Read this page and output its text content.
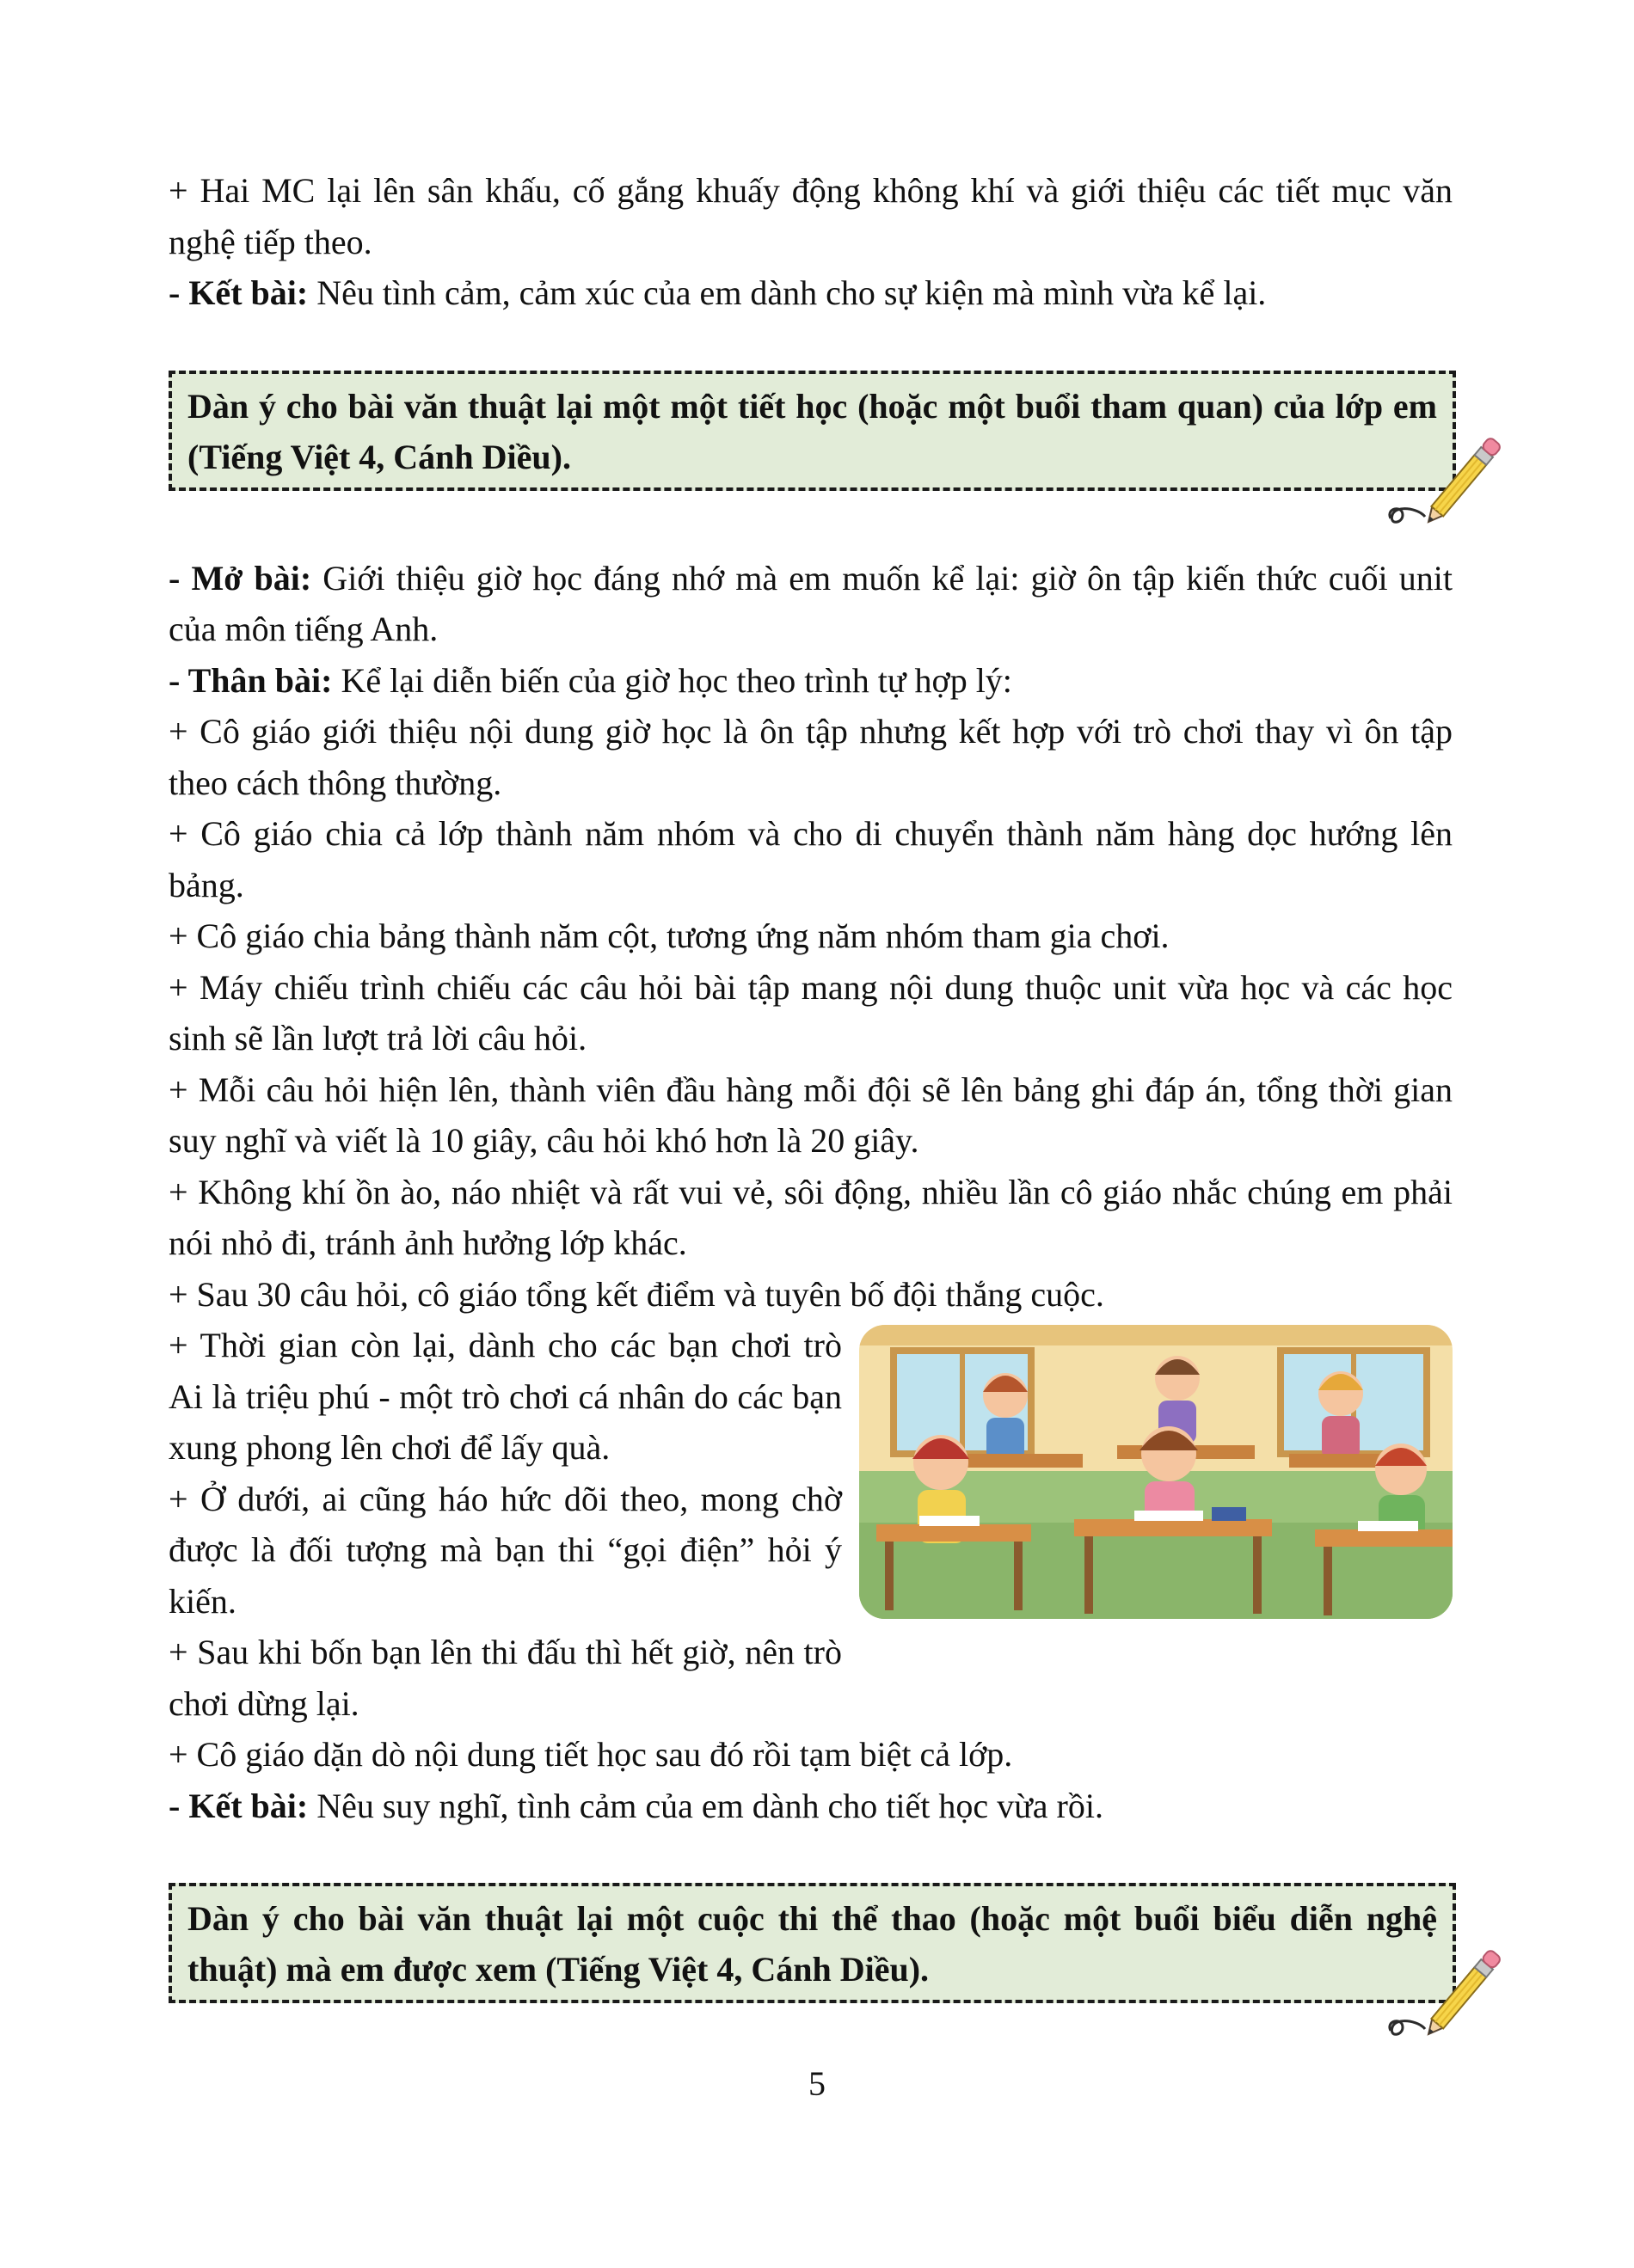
+ Hai MC lại lên sân khấu, cố gắng khuấy động không khí và giới thiệu các tiết mục văn nghệ tiếp theo.

- Kết bài: Nêu tình cảm, cảm xúc của em dành cho sự kiện mà mình vừa kể lại.

Dàn ý cho bài văn thuật lại một một tiết học (hoặc một buổi tham quan) của lớp em (Tiếng Việt 4, Cánh Diều).

- Mở bài: Giới thiệu giờ học đáng nhớ mà em muốn kể lại: giờ ôn tập kiến thức cuối unit của môn tiếng Anh.

- Thân bài: Kể lại diễn biến của giờ học theo trình tự hợp lý:

+ Cô giáo giới thiệu nội dung giờ học là ôn tập nhưng kết hợp với trò chơi thay vì ôn tập theo cách thông thường.

+ Cô giáo chia cả lớp thành năm nhóm và cho di chuyển thành năm hàng dọc hướng lên bảng.

+ Cô giáo chia bảng thành năm cột, tương ứng năm nhóm tham gia chơi.

+ Máy chiếu trình chiếu các câu hỏi bài tập mang nội dung thuộc unit vừa học và các học sinh sẽ lần lượt trả lời câu hỏi.

+ Mỗi câu hỏi hiện lên, thành viên đầu hàng mỗi đội sẽ lên bảng ghi đáp án, tổng thời gian suy nghĩ và viết là 10 giây, câu hỏi khó hơn là 20 giây.

+ Không khí ồn ào, náo nhiệt và rất vui vẻ, sôi động, nhiều lần cô giáo nhắc chúng em phải nói nhỏ đi, tránh ảnh hưởng lớp khác.

+ Sau 30 câu hỏi, cô giáo tổng kết điểm và tuyên bố đội thắng cuộc.

+ Thời gian còn lại, dành cho các bạn chơi trò Ai là triệu phú - một trò chơi cá nhân do các bạn xung phong lên chơi để lấy quà.

+ Ở dưới, ai cũng háo hức dõi theo, mong chờ được là đối tượng mà bạn thi “gọi điện” hỏi ý kiến.

+ Sau khi bốn bạn lên thi đấu thì hết giờ, nên trò chơi dừng lại.

+ Cô giáo dặn dò nội dung tiết học sau đó rồi tạm biệt cả lớp.

- Kết bài: Nêu suy nghĩ, tình cảm của em dành cho tiết học vừa rồi.

Dàn ý cho bài văn thuật lại một cuộc thi thể thao (hoặc một buổi biểu diễn nghệ thuật) mà em được xem (Tiếng Việt 4, Cánh Diều).

5
